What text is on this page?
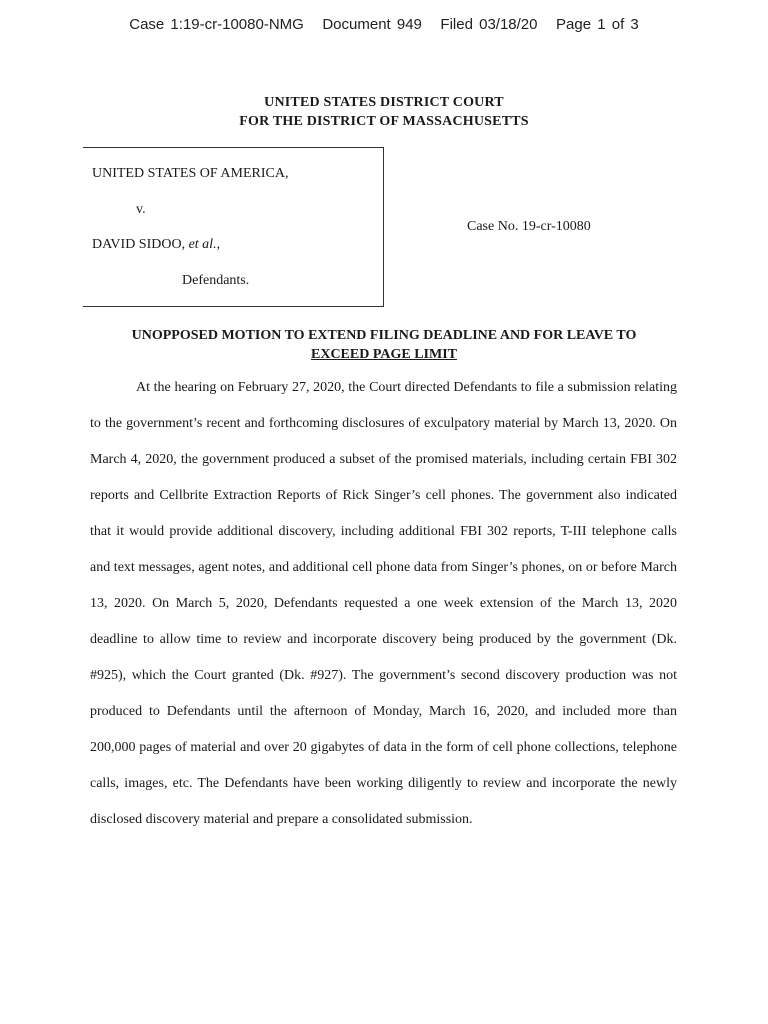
Case 1:19-cr-10080-NMG Document 949 Filed 03/18/20 Page 1 of 3
UNITED STATES DISTRICT COURT
FOR THE DISTRICT OF MASSACHUSETTS
UNITED STATES OF AMERICA,
v.
DAVID SIDOO, et al.,
Defendants.
Case No. 19-cr-10080
UNOPPOSED MOTION TO EXTEND FILING DEADLINE AND FOR LEAVE TO
EXCEED PAGE LIMIT

At the hearing on February 27, 2020, the Court directed Defendants to file a submission relating to the government’s recent and forthcoming disclosures of exculpatory material by March 13, 2020. On March 4, 2020, the government produced a subset of the promised materials, including certain FBI 302 reports and Cellbrite Extraction Reports of Rick Singer’s cell phones. The government also indicated that it would provide additional discovery, including additional FBI 302 reports, T-III telephone calls and text messages, agent notes, and additional cell phone data from Singer’s phones, on or before March 13, 2020. On March 5, 2020, Defendants requested a one week extension of the March 13, 2020 deadline to allow time to review and incorporate discovery being produced by the government (Dk. #925), which the Court granted (Dk. #927). The government’s second discovery production was not produced to Defendants until the afternoon of Monday, March 16, 2020, and included more than 200,000 pages of material and over 20 gigabytes of data in the form of cell phone collections, telephone calls, images, etc. The Defendants have been working diligently to review and incorporate the newly disclosed discovery material and prepare a consolidated submission.
